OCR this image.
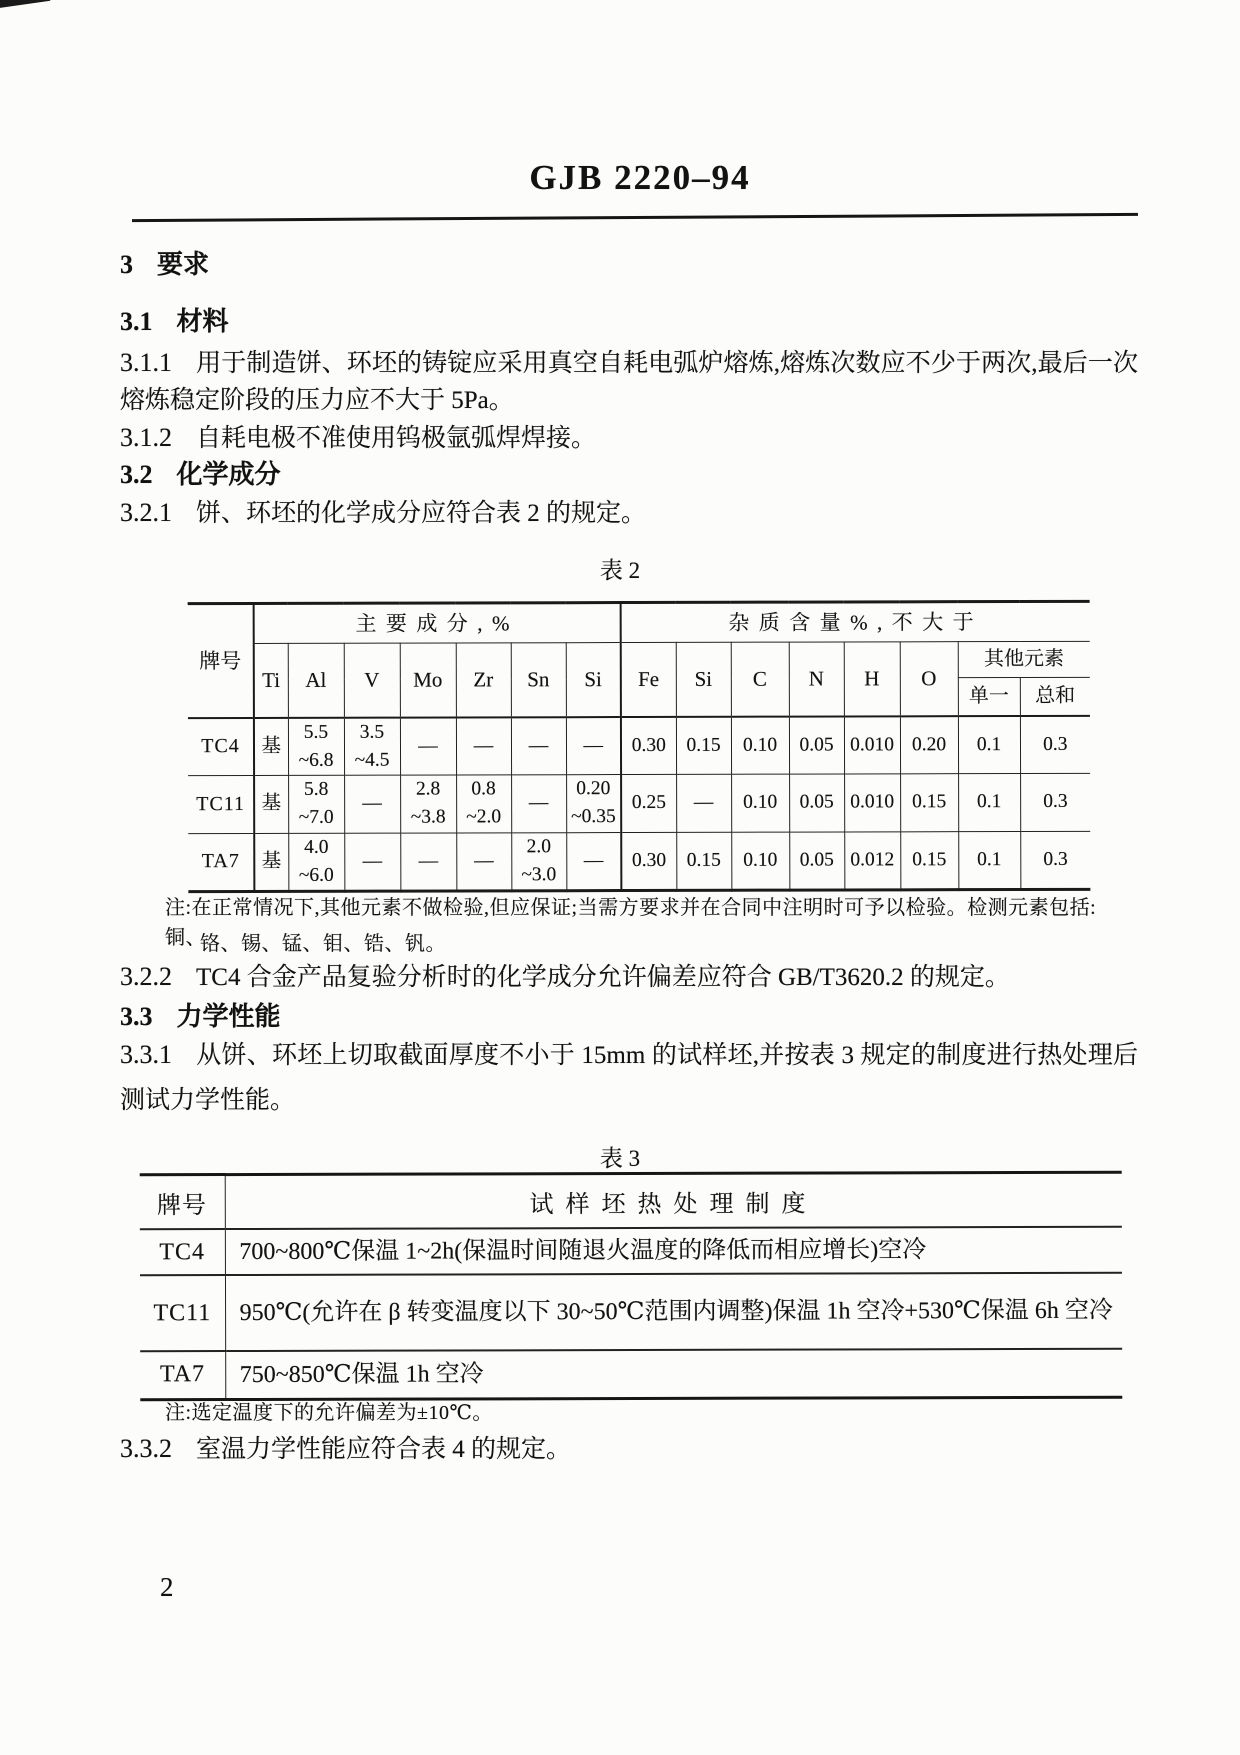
GJB 2220–94
3 要求
3.1 材料
3.1.1 用于制造饼、环坯的铸锭应采用真空自耗电弧炉熔炼,熔炼次数应不少于两次,最后一次熔炼稳定阶段的压力应不大于 5Pa。
3.1.2 自耗电极不准使用钨极氩弧焊焊接。
3.2 化学成分
3.2.1 饼、环坯的化学成分应符合表 2 的规定。
表 2
牌号	主要成分,%							杂质含量%,不大于							
	Ti	Al	V	Mo	Zr	Sn	Si	Fe	Si	C	N	H	O	其他元素	
														单一	总和
TC4	基	5.5
~6.8	3.5
~4.5	—	—	—	—	0.30	0.15	0.10	0.05	0.010	0.20	0.1	0.3
TC11	基	5.8
~7.0	—	2.8
~3.8	0.8
~2.0	—	0.20
~0.35	0.25	—	0.10	0.05	0.010	0.15	0.1	0.3
TA7	基	4.0
~6.0	—	—	—	2.0
~3.0	—	0.30	0.15	0.10	0.05	0.012	0.15	0.1	0.3
注:在正常情况下,其他元素不做检验,但应保证;当需方要求并在合同中注明时可予以检验。检测元素包括:铜、
铬、锡、锰、钼、锆、钒。
3.2.2 TC4 合金产品复验分析时的化学成分允许偏差应符合 GB/T3620.2 的规定。
3.3 力学性能
3.3.1 从饼、环坯上切取截面厚度不小于 15mm 的试样坯,并按表 3 规定的制度进行热处理后测试力学性能。
表 3
牌号	试样坯热处理制度
TC4	700~800℃保温 1~2h(保温时间随退火温度的降低而相应增长)空冷
TC11	950℃(允许在 β 转变温度以下 30~50℃范围内调整)保温 1h 空冷+530℃保温 6h 空冷
TA7	750~850℃保温 1h 空冷
注:选定温度下的允许偏差为±10℃。
3.3.2 室温力学性能应符合表 4 的规定。
2
